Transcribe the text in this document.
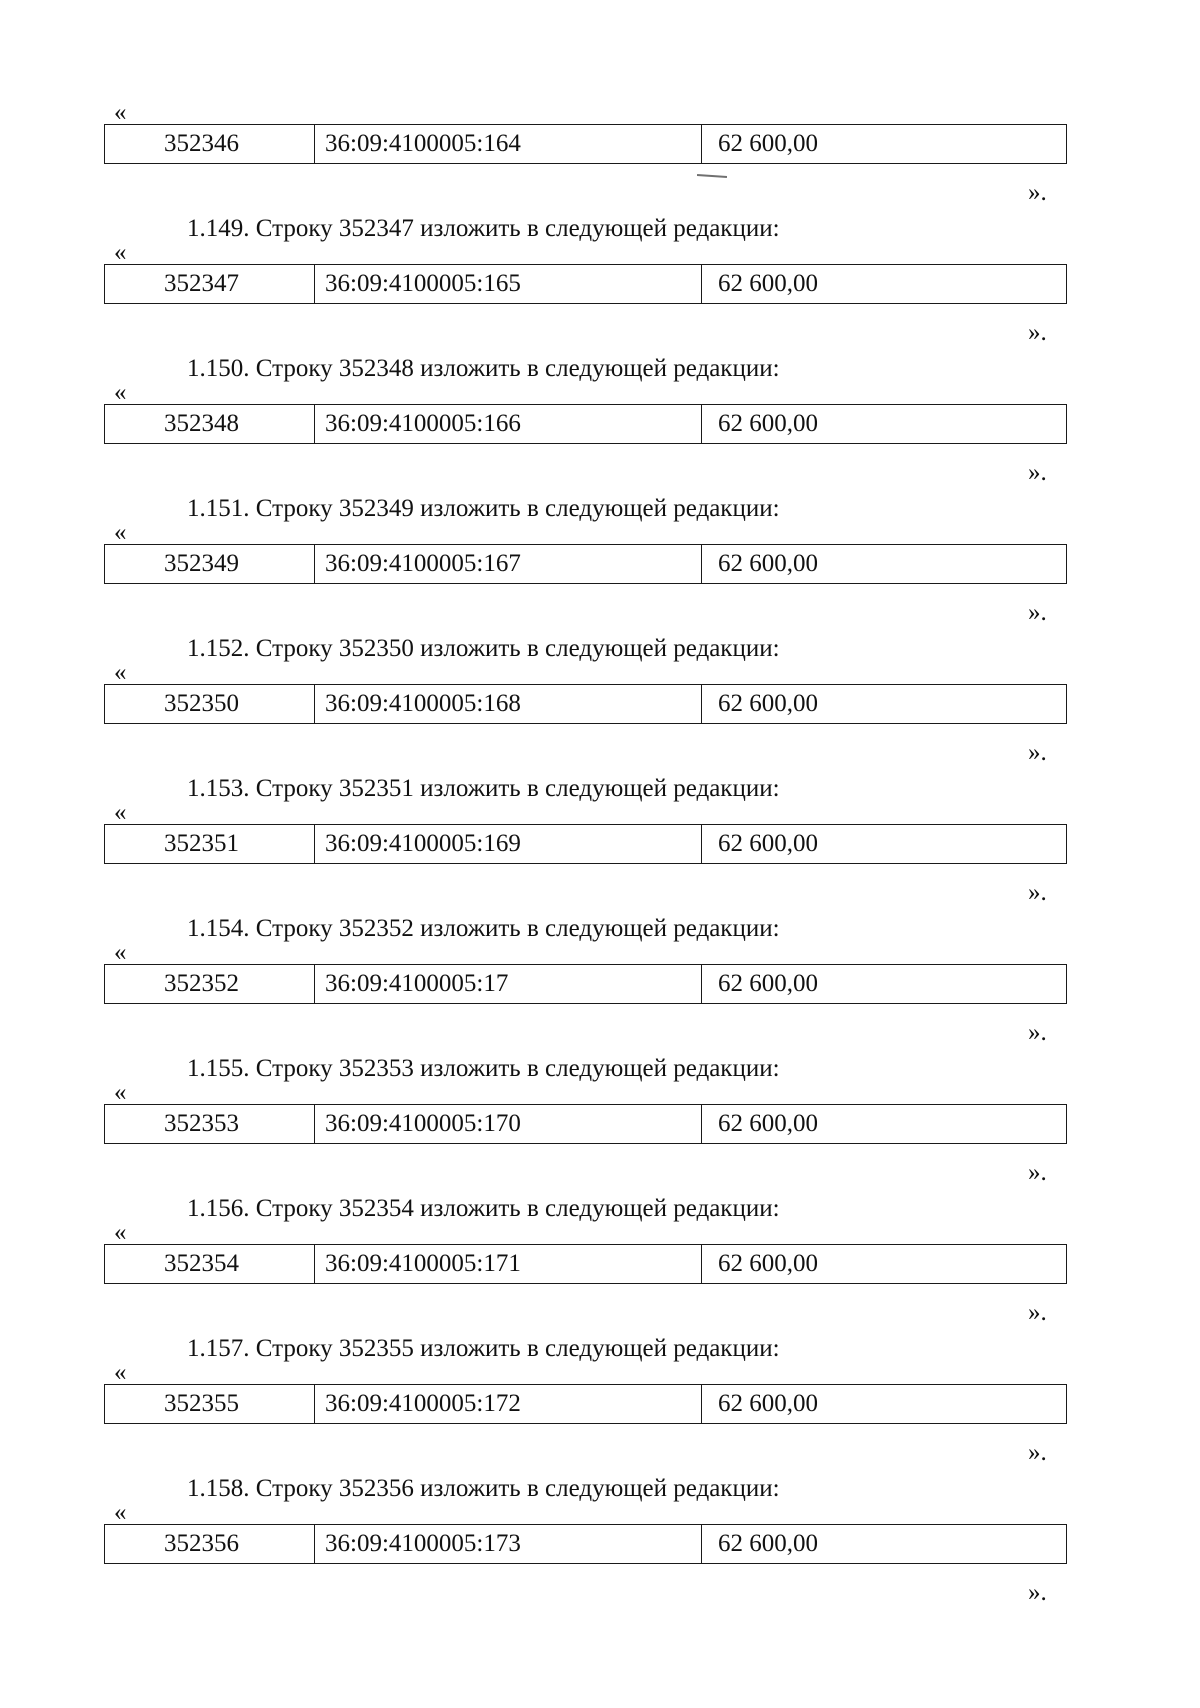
«
352346	36:09:4100005:164	62 600,00
».
1.149. Строку 352347 изложить в следующей редакции:
«
352347	36:09:4100005:165	62 600,00
».
1.150. Строку 352348 изложить в следующей редакции:
«
352348	36:09:4100005:166	62 600,00
».
1.151. Строку 352349 изложить в следующей редакции:
«
352349	36:09:4100005:167	62 600,00
».
1.152. Строку 352350 изложить в следующей редакции:
«
352350	36:09:4100005:168	62 600,00
».
1.153. Строку 352351 изложить в следующей редакции:
«
352351	36:09:4100005:169	62 600,00
».
1.154. Строку 352352 изложить в следующей редакции:
«
352352	36:09:4100005:17	62 600,00
».
1.155. Строку 352353 изложить в следующей редакции:
«
352353	36:09:4100005:170	62 600,00
».
1.156. Строку 352354 изложить в следующей редакции:
«
352354	36:09:4100005:171	62 600,00
».
1.157. Строку 352355 изложить в следующей редакции:
«
352355	36:09:4100005:172	62 600,00
».
1.158. Строку 352356 изложить в следующей редакции:
«
352356	36:09:4100005:173	62 600,00
».
